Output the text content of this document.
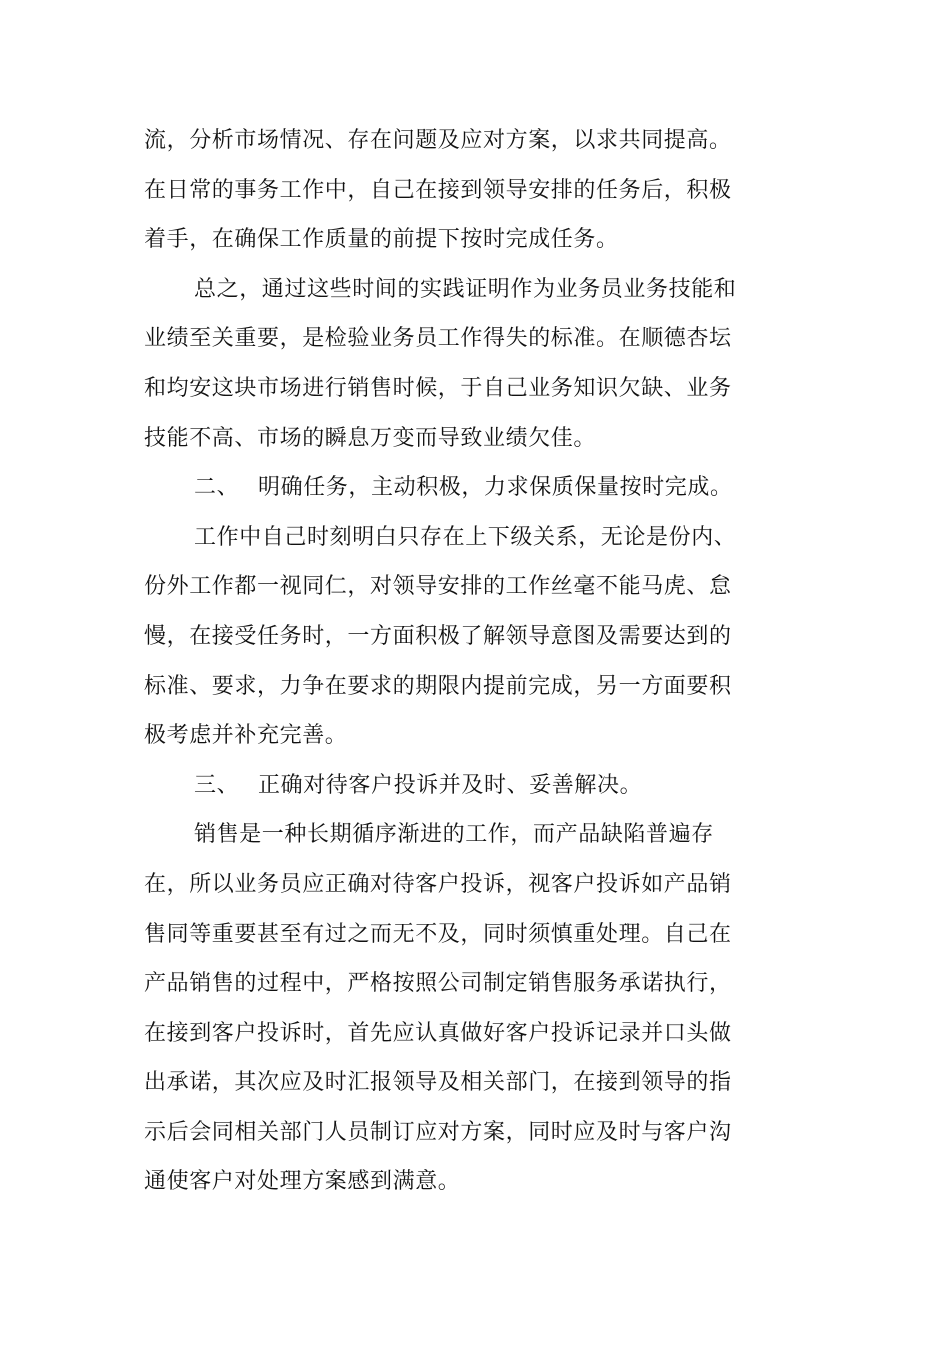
流，分析市场情况、存在问题及应对方案，以求共同提高。
在日常的事务工作中，自己在接到领导安排的任务后，积极
着手，在确保工作质量的前提下按时完成任务。
总之，通过这些时间的实践证明作为业务员业务技能和
业绩至关重要，是检验业务员工作得失的标准。在顺德杏坛
和均安这块市场进行销售时候，于自己业务知识欠缺、业务
技能不高、市场的瞬息万变而导致业绩欠佳。
二、 明确任务，主动积极，力求保质保量按时完成。
工作中自己时刻明白只存在上下级关系，无论是份内、
份外工作都一视同仁，对领导安排的工作丝毫不能马虎、怠
慢，在接受任务时，一方面积极了解领导意图及需要达到的
标准、要求，力争在要求的期限内提前完成，另一方面要积
极考虑并补充完善。
三、 正确对待客户投诉并及时、妥善解决。
销售是一种长期循序渐进的工作，而产品缺陷普遍存
在，所以业务员应正确对待客户投诉，视客户投诉如产品销
售同等重要甚至有过之而无不及，同时须慎重处理。自己在
产品销售的过程中，严格按照公司制定销售服务承诺执行，
在接到客户投诉时，首先应认真做好客户投诉记录并口头做
出承诺，其次应及时汇报领导及相关部门，在接到领导的指
示后会同相关部门人员制订应对方案，同时应及时与客户沟
通使客户对处理方案感到满意。
